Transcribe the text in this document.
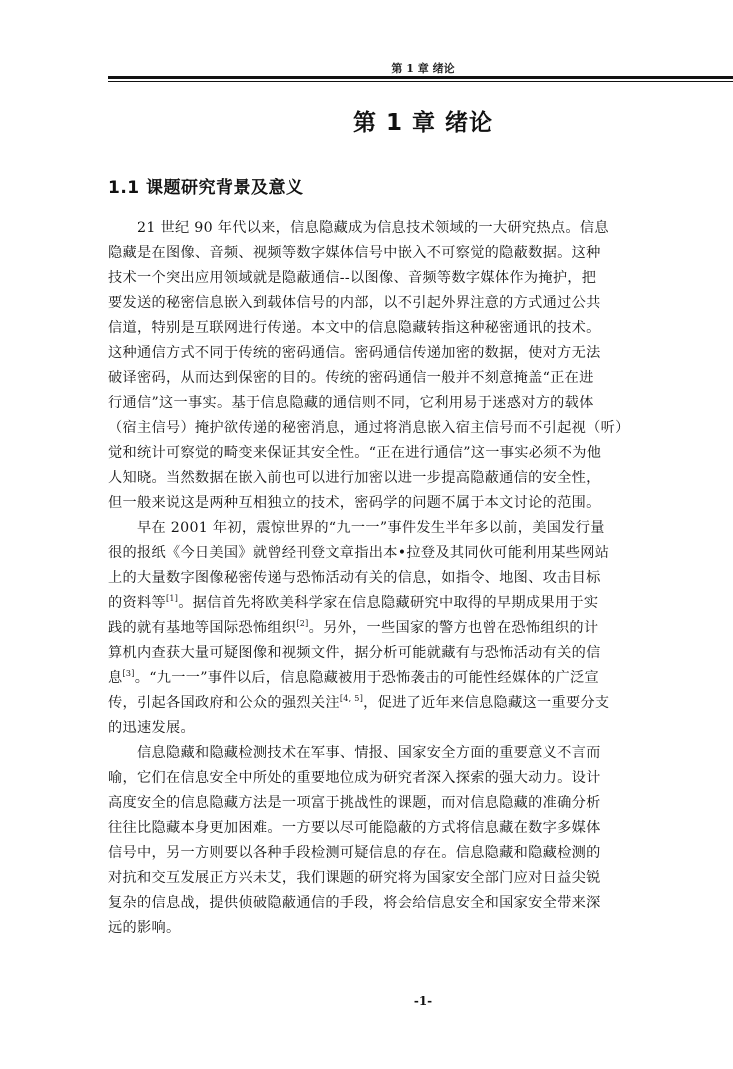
第 1 章 绪论
第 1 章 绪论
1.1 课题研究背景及意义
21 世纪 90 年代以来，信息隐藏成为信息技术领域的一大研究热点。信息
隐藏是在图像、音频、视频等数字媒体信号中嵌入不可察觉的隐蔽数据。这种
技术一个突出应用领域就是隐蔽通信--以图像、音频等数字媒体作为掩护，把
要发送的秘密信息嵌入到载体信号的内部，以不引起外界注意的方式通过公共
信道，特别是互联网进行传递。本文中的信息隐藏转指这种秘密通讯的技术。
这种通信方式不同于传统的密码通信。密码通信传递加密的数据，使对方无法
破译密码，从而达到保密的目的。传统的密码通信一般并不刻意掩盖“正在进
行通信”这一事实。基于信息隐藏的通信则不同，它利用易于迷惑对方的载体
（宿主信号）掩护欲传递的秘密消息，通过将消息嵌入宿主信号而不引起视（听）
觉和统计可察觉的畸变来保证其安全性。“正在进行通信”这一事实必须不为他
人知晓。当然数据在嵌入前也可以进行加密以进一步提高隐蔽通信的安全性，
但一般来说这是两种互相独立的技术，密码学的问题不属于本文讨论的范围。
早在 2001 年初，震惊世界的“九一一”事件发生半年多以前，美国发行量
很的报纸《今日美国》就曾经刊登文章指出本•拉登及其同伙可能利用某些网站
上的大量数字图像秘密传递与恐怖活动有关的信息，如指令、地图、攻击目标
的资料等[1]。据信首先将欧美科学家在信息隐藏研究中取得的早期成果用于实
践的就有基地等国际恐怖组织[2]。另外，一些国家的警方也曾在恐怖组织的计
算机内查获大量可疑图像和视频文件，据分析可能就藏有与恐怖活动有关的信
息[3]。“九一一”事件以后，信息隐藏被用于恐怖袭击的可能性经媒体的广泛宣
传，引起各国政府和公众的强烈关注[4, 5]，促进了近年来信息隐藏这一重要分支
的迅速发展。
信息隐藏和隐藏检测技术在军事、情报、国家安全方面的重要意义不言而
喻，它们在信息安全中所处的重要地位成为研究者深入探索的强大动力。设计
高度安全的信息隐藏方法是一项富于挑战性的课题，而对信息隐藏的准确分析
往往比隐藏本身更加困难。一方要以尽可能隐蔽的方式将信息藏在数字多媒体
信号中，另一方则要以各种手段检测可疑信息的存在。信息隐藏和隐藏检测的
对抗和交互发展正方兴未艾，我们课题的研究将为国家安全部门应对日益尖锐
复杂的信息战，提供侦破隐蔽通信的手段，将会给信息安全和国家安全带来深
远的影响。
-1-
